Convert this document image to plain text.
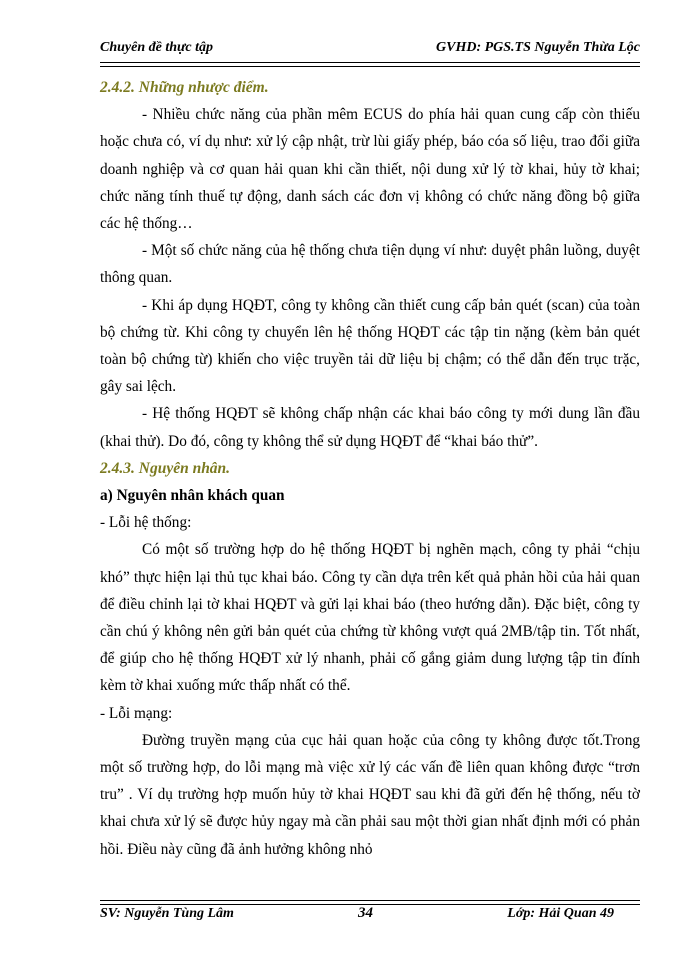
Chuyên đề thực tập	GVHD: PGS.TS Nguyễn Thừa Lộc

2.4.2. Những nhược điểm.

- Nhiều chức năng của phần mêm ECUS do phía hải quan cung cấp còn thiếu hoặc chưa có, ví dụ như: xử lý cập nhật, trừ lùi giấy phép, báo cóa số liệu, trao đổi giữa doanh nghiệp và cơ quan hải quan khi cần thiết, nội dung xử lý tờ khai, hủy tờ khai; chức năng tính thuế tự động, danh sách các đơn vị không có chức năng đồng bộ giữa các hệ thống…

- Một số chức năng của hệ thống chưa tiện dụng ví như: duyệt phân luồng, duyệt thông quan.

- Khi áp dụng HQĐT, công ty không cần thiết cung cấp bản quét (scan) của toàn bộ chứng từ. Khi công ty chuyển lên hệ thống HQĐT các tập tin nặng (kèm bản quét toàn bộ chứng từ) khiến cho việc truyền tải dữ liệu bị chậm; có thể dẫn đến trục trặc, gây sai lệch.

- Hệ thống HQĐT sẽ không chấp nhận các khai báo công ty mới dung lần đầu (khai thử). Do đó, công ty không thể sử dụng HQĐT để “khai báo thử”.

2.4.3. Nguyên nhân.

a) Nguyên nhân khách quan

- Lỗi hệ thống:

Có một số trường hợp do hệ thống HQĐT bị nghẽn mạch, công ty phải “chịu khó” thực hiện lại thủ tục khai báo. Công ty cần dựa trên kết quả phản hồi của hải quan để điều chỉnh lại tờ khai HQĐT và gửi lại khai báo (theo hướng dẫn). Đặc biệt, công ty cần chú ý không nên gửi bản quét của chứng từ không vượt quá 2MB/tập tin. Tốt nhất, để giúp cho hệ thống HQĐT xử lý nhanh, phải cố gắng giảm dung lượng tập tin đính kèm tờ khai xuống mức thấp nhất có thể.

- Lỗi mạng:

Đường truyền mạng của cục hải quan hoặc của công ty không được tốt.Trong một số trường hợp, do lỗi mạng mà việc xử lý các vấn đề liên quan không được “trơn tru” . Ví dụ trường hợp muốn hủy tờ khai HQĐT sau khi đã gửi đến hệ thống, nếu tờ khai chưa xử lý sẽ được hủy ngay mà cần phải sau một thời gian nhất định mới có phản hồi. Điều này cũng đã ảnh hưởng không nhỏ

SV: Nguyễn Tùng Lâm	34	Lớp: Hải Quan 49
